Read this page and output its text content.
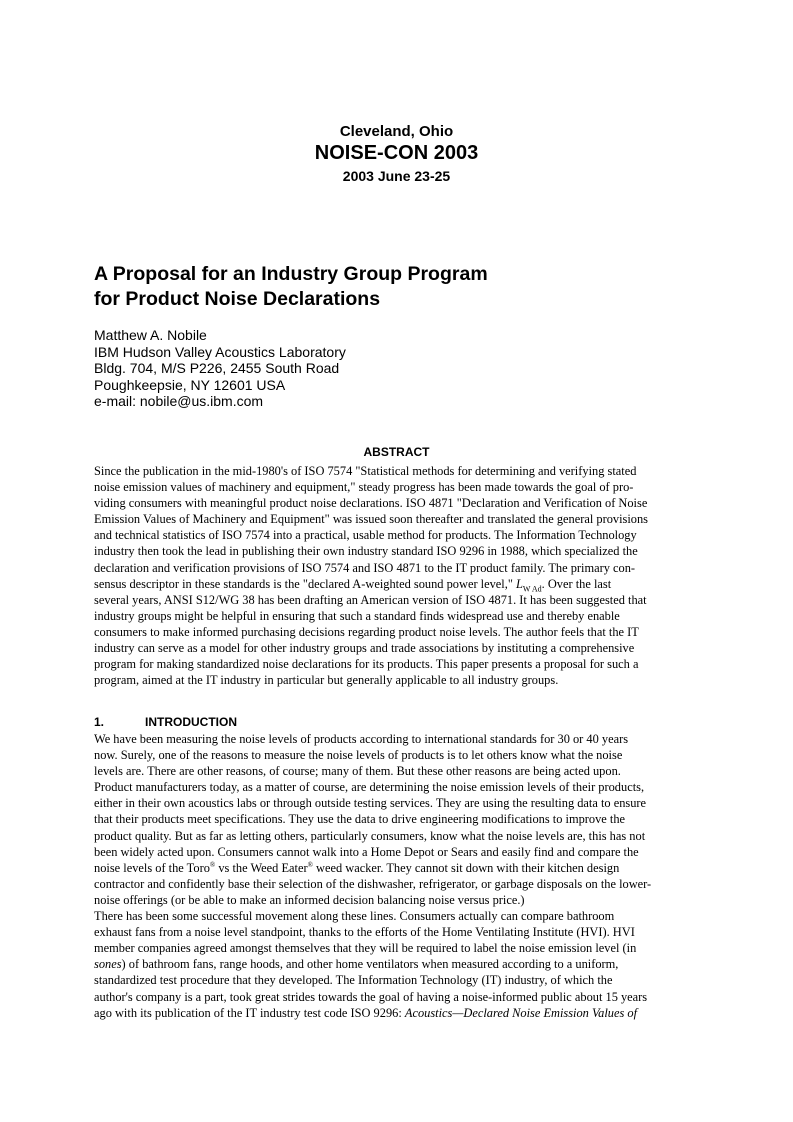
Cleveland, Ohio
NOISE-CON 2003
2003 June 23-25
A Proposal for an Industry Group Program
for Product Noise Declarations
Matthew A. Nobile
IBM Hudson Valley Acoustics Laboratory
Bldg. 704, M/S P226, 2455 South Road
Poughkeepsie, NY 12601 USA
e-mail: nobile@us.ibm.com
ABSTRACT
Since the publication in the mid-1980's of ISO 7574 "Statistical methods for determining and verifying stated
noise emission values of machinery and equipment," steady progress has been made towards the goal of pro-
viding consumers with meaningful product noise declarations. ISO 4871 "Declaration and Verification of Noise
Emission Values of Machinery and Equipment" was issued soon thereafter and translated the general provisions
and technical statistics of ISO 7574 into a practical, usable method for products. The Information Technology
industry then took the lead in publishing their own industry standard ISO 9296 in 1988, which specialized the
declaration and verification provisions of ISO 7574 and ISO 4871 to the IT product family. The primary con-
sensus descriptor in these standards is the "declared A-weighted sound power level," $L_{W Ad}$. Over the last
several years, ANSI S12/WG 38 has been drafting an American version of ISO 4871. It has been suggested that
industry groups might be helpful in ensuring that such a standard finds widespread use and thereby enable
consumers to make informed purchasing decisions regarding product noise levels. The author feels that the IT
industry can serve as a model for other industry groups and trade associations by instituting a comprehensive
program for making standardized noise declarations for its products. This paper presents a proposal for such a
program, aimed at the IT industry in particular but generally applicable to all industry groups.
1.	INTRODUCTION
We have been measuring the noise levels of products according to international standards for 30 or 40 years
now. Surely, one of the reasons to measure the noise levels of products is to let others know what the noise
levels are. There are other reasons, of course; many of them. But these other reasons are being acted upon.
Product manufacturers today, as a matter of course, are determining the noise emission levels of their products,
either in their own acoustics labs or through outside testing services. They are using the resulting data to ensure
that their products meet specifications. They use the data to drive engineering modifications to improve the
product quality. But as far as letting others, particularly consumers, know what the noise levels are, this has not
been widely acted upon. Consumers cannot walk into a Home Depot or Sears and easily find and compare the
noise levels of the Toro® vs the Weed Eater® weed wacker. They cannot sit down with their kitchen design
contractor and confidently base their selection of the dishwasher, refrigerator, or garbage disposals on the lower-
noise offerings (or be able to make an informed decision balancing noise versus price.)
There has been some successful movement along these lines. Consumers actually can compare bathroom
exhaust fans from a noise level standpoint, thanks to the efforts of the Home Ventilating Institute (HVI). HVI
member companies agreed amongst themselves that they will be required to label the noise emission level (in
sones) of bathroom fans, range hoods, and other home ventilators when measured according to a uniform,
standardized test procedure that they developed. The Information Technology (IT) industry, of which the
author's company is a part, took great strides towards the goal of having a noise-informed public about 15 years
ago with its publication of the IT industry test code ISO 9296: Acoustics—Declared Noise Emission Values of
